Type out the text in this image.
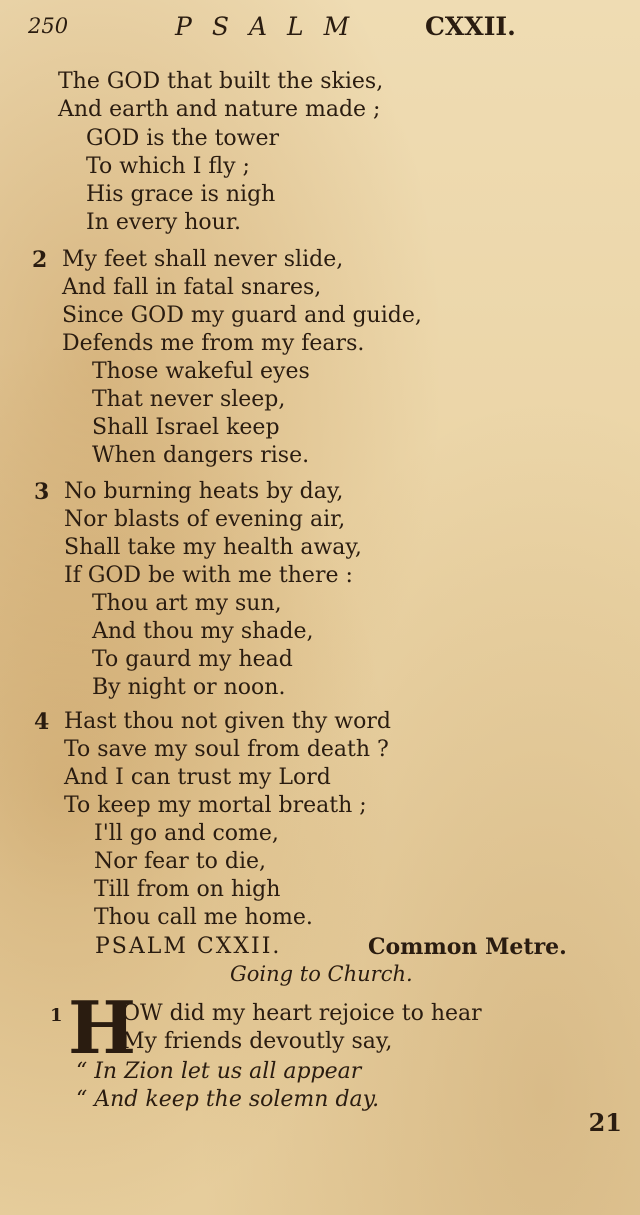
250	PSALM CXXII.
The GOD that built the skies,
And earth and nature made ;
GOD is the tower
To which I fly ;
His grace is nigh
In every hour.
2 My feet shall never slide,
And fall in fatal snares,
Since GOD my guard and guide,
Defends me from my fears.
Those wakeful eyes
That never sleep,
Shall Israel keep
When dangers rise.
3 No burning heats by day,
Nor blasts of evening air,
Shall take my health away,
If GOD be with me there :
Thou art my sun,
And thou my shade,
To gaurd my head
By night or noon.
4 Hast thou not given thy word
To save my soul from death ?
And I can trust my Lord
To keep my mortal breath ;
I'll go and come,
Nor fear to die,
Till from on high
Thou call me home.
PSALM CXXII.	Common Metre.
Going to Church.
1 H
OW did my heart rejoice to hear
My friends devoutly say,
“ In Zion let us all appear
“ And keep the solemn day.
21
